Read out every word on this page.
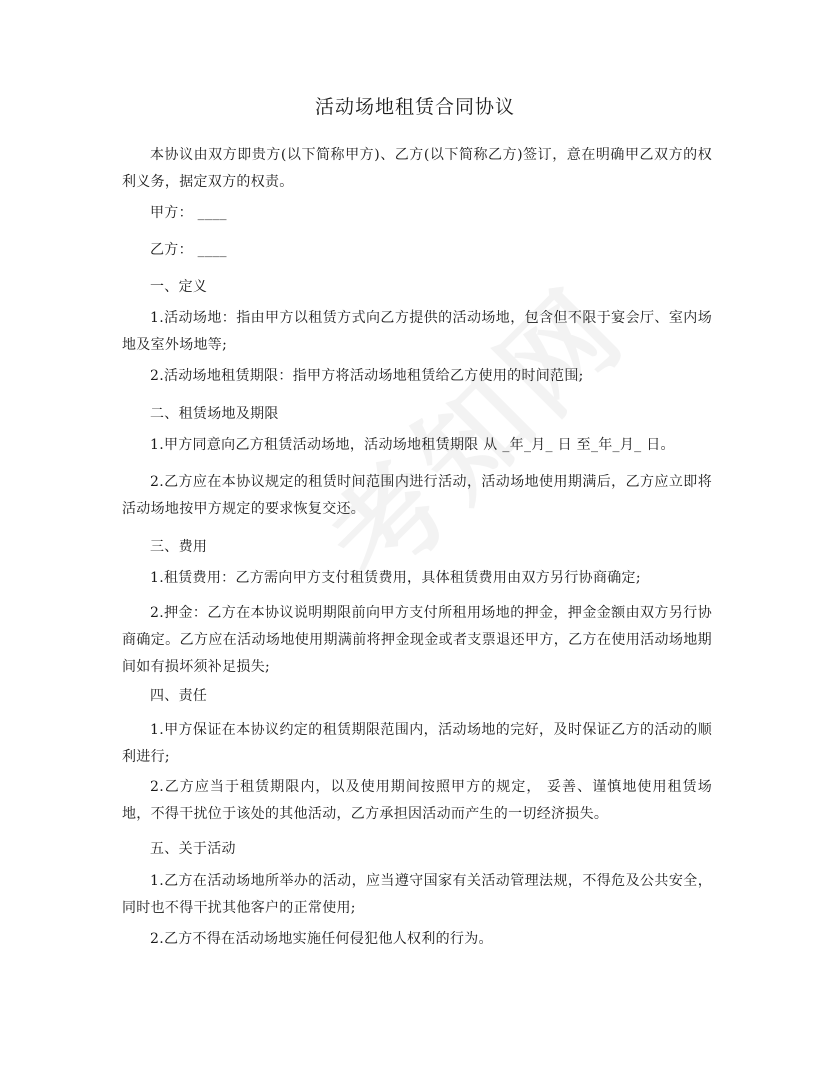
活动场地租赁合同协议

本协议由双方即贵方(以下简称甲方)、乙方(以下简称乙方)签订，意在明确甲乙双方的权利义务，据定双方的权责。

甲方： ____
乙方： ____
一、定义

1.活动场地：指由甲方以租赁方式向乙方提供的活动场地，包含但不限于宴会厅、室内场地及室外场地等;

2.活动场地租赁期限：指甲方将活动场地租赁给乙方使用的时间范围;

二、租赁场地及期限

1.甲方同意向乙方租赁活动场地，活动场地租赁期限 从 _年_月_ 日 至_年_月_ 日。

2.乙方应在本协议规定的租赁时间范围内进行活动，活动场地使用期满后，乙方应立即将活动场地按甲方规定的要求恢复交还。

三、费用

1.租赁费用：乙方需向甲方支付租赁费用，具体租赁费用由双方另行协商确定;

2.押金：乙方在本协议说明期限前向甲方支付所租用场地的押金，押金金额由双方另行协商确定。乙方应在活动场地使用期满前将押金现金或者支票退还甲方，乙方在使用活动场地期间如有损坏须补足损失;

四、责任

1.甲方保证在本协议约定的租赁期限范围内，活动场地的完好，及时保证乙方的活动的顺利进行;

2.乙方应当于租赁期限内，以及使用期间按照甲方的规定， 妥善、谨慎地使用租赁场地，不得干扰位于该处的其他活动，乙方承担因活动而产生的一切经济损失。

五、关于活动

1.乙方在活动场地所举办的活动，应当遵守国家有关活动管理法规，不得危及公共安全，同时也不得干扰其他客户的正常使用;

2.乙方不得在活动场地实施任何侵犯他人权利的行为。
